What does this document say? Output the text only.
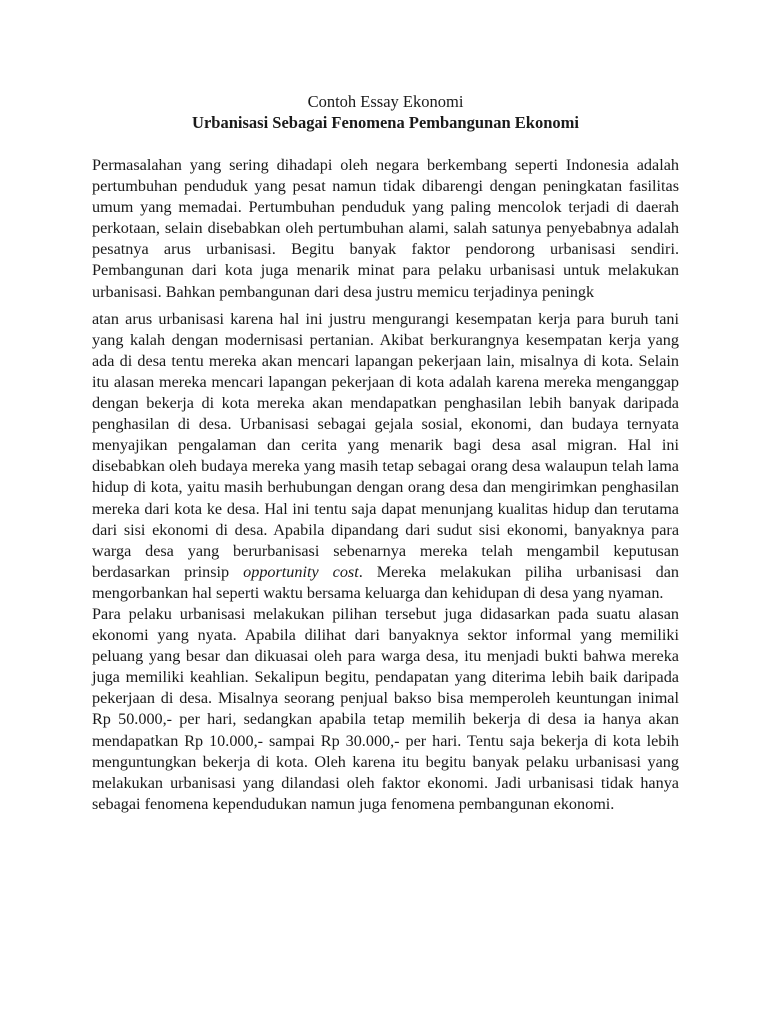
Contoh Essay Ekonomi

Urbanisasi Sebagai Fenomena Pembangunan Ekonomi

Permasalahan yang sering dihadapi oleh negara berkembang seperti Indonesia adalah pertumbuhan penduduk yang pesat namun tidak dibarengi dengan peningkatan fasilitas umum yang memadai. Pertumbuhan penduduk yang paling mencolok terjadi di daerah perkotaan, selain disebabkan oleh pertumbuhan alami, salah satunya penyebabnya adalah pesatnya arus urbanisasi. Begitu banyak faktor pendorong urbanisasi sendiri. Pembangunan dari kota juga menarik minat para pelaku urbanisasi untuk melakukan urbanisasi. Bahkan pembangunan dari desa justru memicu terjadinya peningk

atan arus urbanisasi karena hal ini justru mengurangi kesempatan kerja para buruh tani yang kalah dengan modernisasi pertanian. Akibat berkurangnya kesempatan kerja yang ada di desa tentu mereka akan mencari lapangan pekerjaan lain, misalnya di kota. Selain itu alasan mereka mencari lapangan pekerjaan di kota adalah karena mereka menganggap dengan bekerja di kota mereka akan mendapatkan penghasilan lebih banyak daripada penghasilan di desa. Urbanisasi sebagai gejala sosial, ekonomi, dan budaya ternyata menyajikan pengalaman dan cerita yang menarik bagi desa asal migran. Hal ini disebabkan oleh budaya mereka yang masih tetap sebagai orang desa walaupun telah lama hidup di kota, yaitu masih berhubungan dengan orang desa dan mengirimkan penghasilan mereka dari kota ke desa. Hal ini tentu saja dapat menunjang kualitas hidup dan terutama dari sisi ekonomi di desa. Apabila dipandang dari sudut sisi ekonomi, banyaknya para warga desa yang berurbanisasi sebenarnya mereka telah mengambil keputusan berdasarkan prinsip opportunity cost. Mereka melakukan piliha urbanisasi dan mengorbankan hal seperti waktu bersama keluarga dan kehidupan di desa yang nyaman.

Para pelaku urbanisasi melakukan pilihan tersebut juga didasarkan pada suatu alasan ekonomi yang nyata. Apabila dilihat dari banyaknya sektor informal yang memiliki peluang yang besar dan dikuasai oleh para warga desa, itu menjadi bukti bahwa mereka juga memiliki keahlian. Sekalipun begitu, pendapatan yang diterima lebih baik daripada pekerjaan di desa. Misalnya seorang penjual bakso bisa memperoleh keuntungan inimal Rp 50.000,- per hari, sedangkan apabila tetap memilih bekerja di desa ia hanya akan mendapatkan Rp 10.000,- sampai Rp 30.000,- per hari. Tentu saja bekerja di kota lebih menguntungkan bekerja di kota. Oleh karena itu begitu banyak pelaku urbanisasi yang melakukan urbanisasi yang dilandasi oleh faktor ekonomi. Jadi urbanisasi tidak hanya sebagai fenomena kependudukan namun juga fenomena pembangunan ekonomi.
